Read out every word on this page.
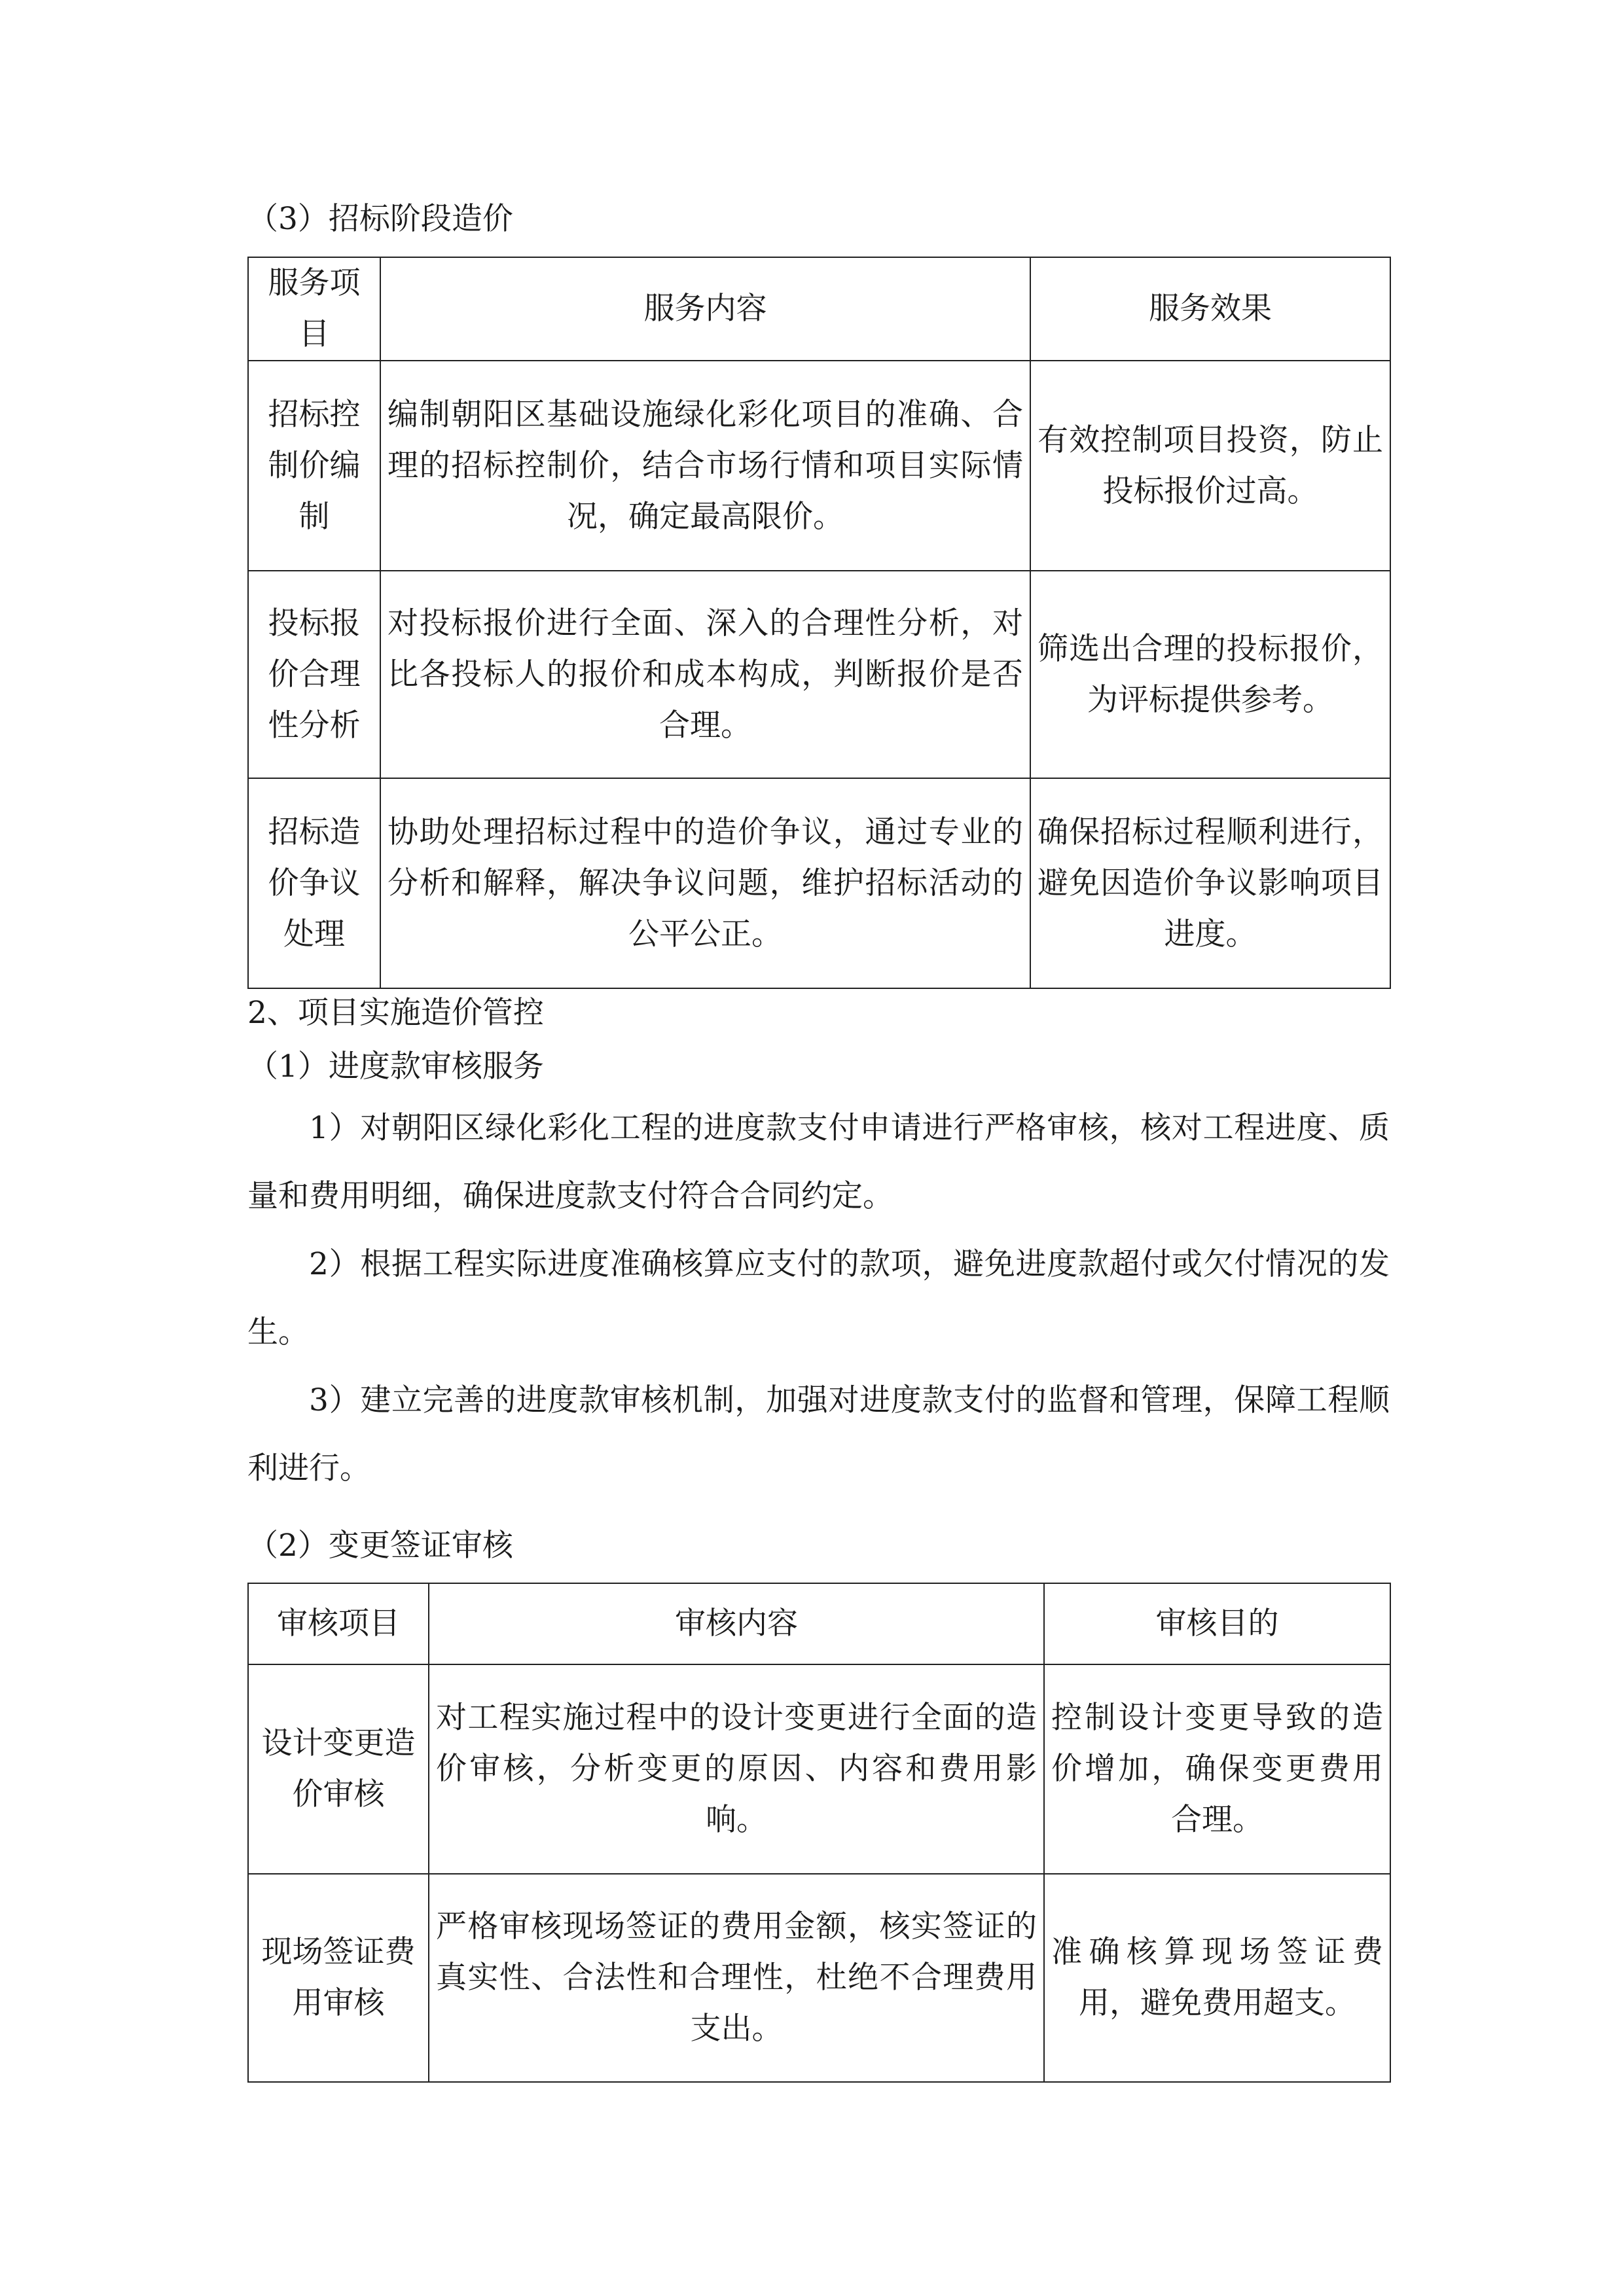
（3）招标阶段造价
服务项目	服务内容	服务效果
招标控制价编制	编制朝阳区基础设施绿化彩化项目的准确、合理的招标控制价，结合市场行情和项目实际情况，确定最高限价。	有效控制项目投资，防止投标报价过高。
投标报价合理性分析	对投标报价进行全面、深入的合理性分析，对比各投标人的报价和成本构成，判断报价是否合理。	筛选出合理的投标报价，为评标提供参考。
招标造价争议处理	协助处理招标过程中的造价争议，通过专业的分析和解释，解决争议问题，维护招标活动的公平公正。	确保招标过程顺利进行，避免因造价争议影响项目进度。
2、项目实施造价管控
（1）进度款审核服务
1）对朝阳区绿化彩化工程的进度款支付申请进行严格审核，核对工程进度、质量和费用明细，确保进度款支付符合合同约定。
2）根据工程实际进度准确核算应支付的款项，避免进度款超付或欠付情况的发生。
3）建立完善的进度款审核机制，加强对进度款支付的监督和管理，保障工程顺利进行。
（2）变更签证审核
审核项目	审核内容	审核目的
设计变更造价审核	对工程实施过程中的设计变更进行全面的造价审核，分析变更的原因、内容和费用影响。	控制设计变更导致的造价增加，确保变更费用合理。
现场签证费用审核	严格审核现场签证的费用金额，核实签证的真实性、合法性和合理性，杜绝不合理费用支出。	准确核算现场签证费用，避免费用超支。
